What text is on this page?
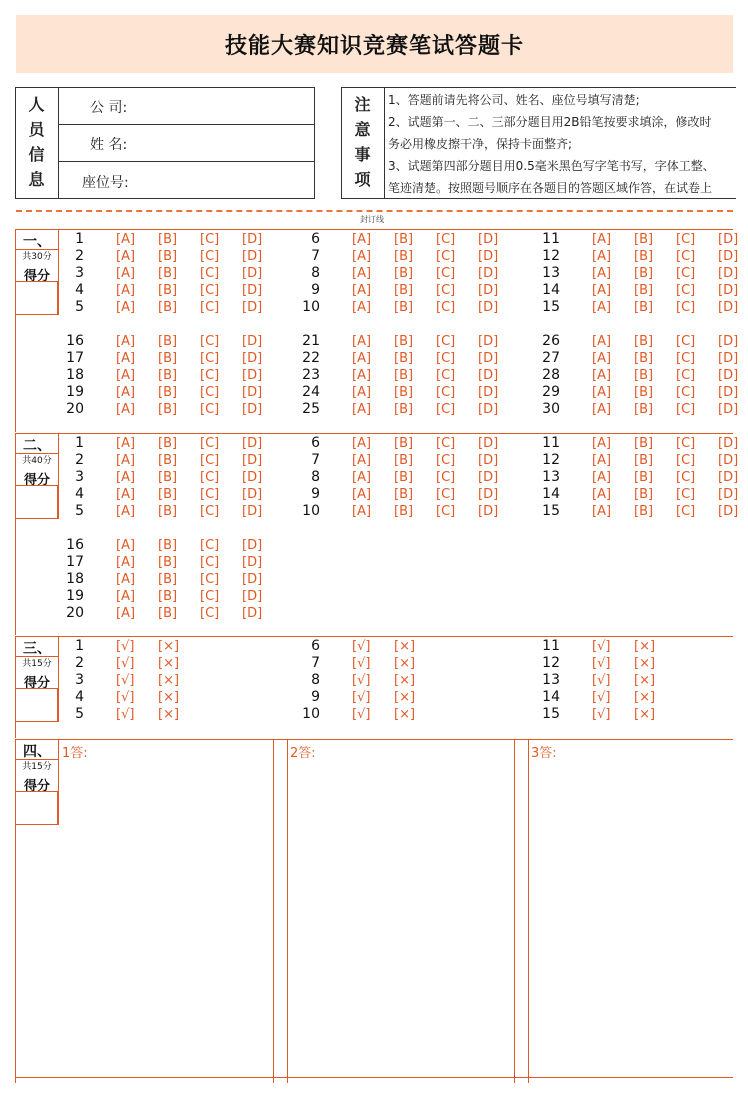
技能大赛知识竞赛笔试答题卡
人
员
信
息
公 司:
姓 名:
座位号:
注
意
事
项
1、答题前请先将公司、姓名、座位号填写清楚;
2、试题第一、二、三部分题目用2B铅笔按要求填涂，修改时
务必用橡皮擦干净，保持卡面整齐;
3、试题第四部分题目用0.5毫米黑色写字笔书写，字体工整、
笔迹清楚。按照题号顺序在各题目的答题区域作答，在试卷上
封订线
一、
共30分
得分
1 [A] [B] [C] [D]
2 [A] [B] [C] [D]
3 [A] [B] [C] [D]
4 [A] [B] [C] [D]
5 [A] [B] [C] [D]
6 [A] [B] [C] [D]
7 [A] [B] [C] [D]
8 [A] [B] [C] [D]
9 [A] [B] [C] [D]
10 [A] [B] [C] [D]
11 [A] [B] [C] [D]
12 [A] [B] [C] [D]
13 [A] [B] [C] [D]
14 [A] [B] [C] [D]
15 [A] [B] [C] [D]
16 [A] [B] [C] [D]
17 [A] [B] [C] [D]
18 [A] [B] [C] [D]
19 [A] [B] [C] [D]
20 [A] [B] [C] [D]
21 [A] [B] [C] [D]
22 [A] [B] [C] [D]
23 [A] [B] [C] [D]
24 [A] [B] [C] [D]
25 [A] [B] [C] [D]
26 [A] [B] [C] [D]
27 [A] [B] [C] [D]
28 [A] [B] [C] [D]
29 [A] [B] [C] [D]
30 [A] [B] [C] [D]
二、
共40分
得分
1 [A] [B] [C] [D]
2 [A] [B] [C] [D]
3 [A] [B] [C] [D]
4 [A] [B] [C] [D]
5 [A] [B] [C] [D]
6 [A] [B] [C] [D]
7 [A] [B] [C] [D]
8 [A] [B] [C] [D]
9 [A] [B] [C] [D]
10 [A] [B] [C] [D]
11 [A] [B] [C] [D]
12 [A] [B] [C] [D]
13 [A] [B] [C] [D]
14 [A] [B] [C] [D]
15 [A] [B] [C] [D]
16 [A] [B] [C] [D]
17 [A] [B] [C] [D]
18 [A] [B] [C] [D]
19 [A] [B] [C] [D]
20 [A] [B] [C] [D]
三、
共15分
得分
1 [√] [×]
2 [√] [×]
3 [√] [×]
4 [√] [×]
5 [√] [×]
6 [√] [×]
7 [√] [×]
8 [√] [×]
9 [√] [×]
10 [√] [×]
11 [√] [×]
12 [√] [×]
13 [√] [×]
14 [√] [×]
15 [√] [×]
四、
共15分
得分
1答:	2答:	3答:
